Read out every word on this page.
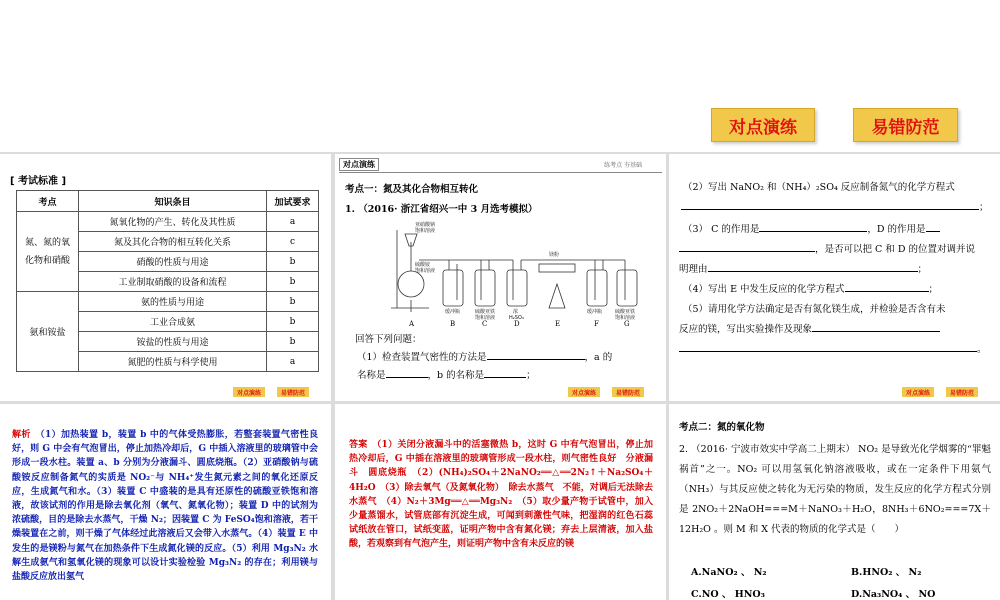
对点演练	易错防范
[ 考试标准 ]
考点	知识条目	加试要求
氮、氮的氧化物和硝酸	氮氧化物的产生、转化及其性质	a
	氮及其化合物的相互转化关系	c
	硝酸的性质与用途	b
	工业制取硝酸的设备和流程	b
氨和铵盐	氨的性质与用途	b
	工业合成氨	b
	铵盐的性质与用途	b
	氮肥的性质与科学使用	a
对点演练	易错防范
对点演练	练考点 夯基础
考点一：氮及其化合物相互转化
1. （2016· 浙江省绍兴一中 3 月选考模拟）
亚硝酸钠
饱和溶液
硫酸铵
饱和溶液
缓冲瓶	硫酸亚铁
饱和溶液
浓
H₂SO₄
镁粉
缓冲瓶	硫酸亚铁
饱和溶液
A	B	C	D	E	F	G
回答下列问题：
（1）检查装置气密性的方法是	，a 的
名称是	，b 的名称是	；
对点演练	易错防范
（2）写出 NaNO₂ 和（NH₄）₂SO₄ 反应制备氮气的化学方程式
；
（3） C 的作用是	，D 的作用是
，是否可以把 C 和 D 的位置对调并说
明理由	；
（4）写出 E 中发生反应的化学方程式	；
（5）请用化学方法确定是否有氮化镁生成，并检验是否含有未
反应的镁，写出实验操作及现象
。
对点演练	易错防范
解析　 （1）加热装置 b，装置 b 中的气体受热膨胀，若整套装置气密性良好，则 G 中会有气泡冒出，停止加热冷却后，G 中插入溶液里的玻璃管中会形成一段水柱。装置 a、b 分别为分液漏斗、圆底烧瓶。（2）亚硝酸钠与硫酸铵反应制备氮气的实质是 NO₂⁻与 NH₄⁺发生氮元素之间的氧化还原反应，生成氮气和水。（3）装置 C 中盛装的是具有还原性的硫酸亚铁饱和溶液，故该试剂的作用是除去氧化剂（氧气、氮氧化物）；装置 D 中的试剂为浓硫酸，目的是除去水蒸气，干燥 N₂；因装置 C 为 FeSO₄饱和溶液，若干燥装置在之前，则干燥了气体经过此溶液后又会带入水蒸气。（4）装置 E 中发生的是镁粉与氮气在加热条件下生成氮化镁的反应。（5）利用 Mg₃N₂ 水解生成氨气和氢氧化镁的现象可以设计实验检验 Mg₃N₂ 的存在；利用镁与盐酸反应放出氢气
答案　 （1）关闭分液漏斗中的活塞微热 b，这时 G 中有气泡冒出，停止加热冷却后，G 中插在溶液里的玻璃管形成一段水柱，则气密性良好　分液漏斗　圆底烧瓶　（2）(NH₄)₂SO₄＋2NaNO₂══△══2N₂↑＋Na₂SO₄＋4H₂O　（3）除去氧气（及氮氧化物）　除去水蒸气　不能，对调后无法除去水蒸气　（4）N₂＋3Mg══△══Mg₃N₂　（5）取少量产物于试管中，加入少量蒸馏水，试管底部有沉淀生成，可闻到刺激性气味，把湿润的红色石蕊试纸放在管口，试纸变蓝，证明产物中含有氮化镁；弃去上层清液，加入盐酸，若观察到有气泡产生，则证明产物中含有未反应的镁
考点二：氮的氧化物
2. （2016· 宁波市效实中学高二上期末） NO₂ 是导致光化学烟雾的“罪魁祸首”之一。NO₂ 可以用氢氧化钠溶液吸收，或在一定条件下用氨气（NH₃）与其反应使之转化为无污染的物质，发生反应的化学方程式分别是 2NO₂＋2NaOH===M＋NaNO₃＋H₂O，8NH₃＋6NO₂===7X＋12H₂O 。则 M 和 X 代表的物质的化学式是（　　）
A.NaNO₂ 、 N₂	B.HNO₂ 、 N₂
C.NO 、 HNO₃	D.Na₃NO₄ 、 NO
